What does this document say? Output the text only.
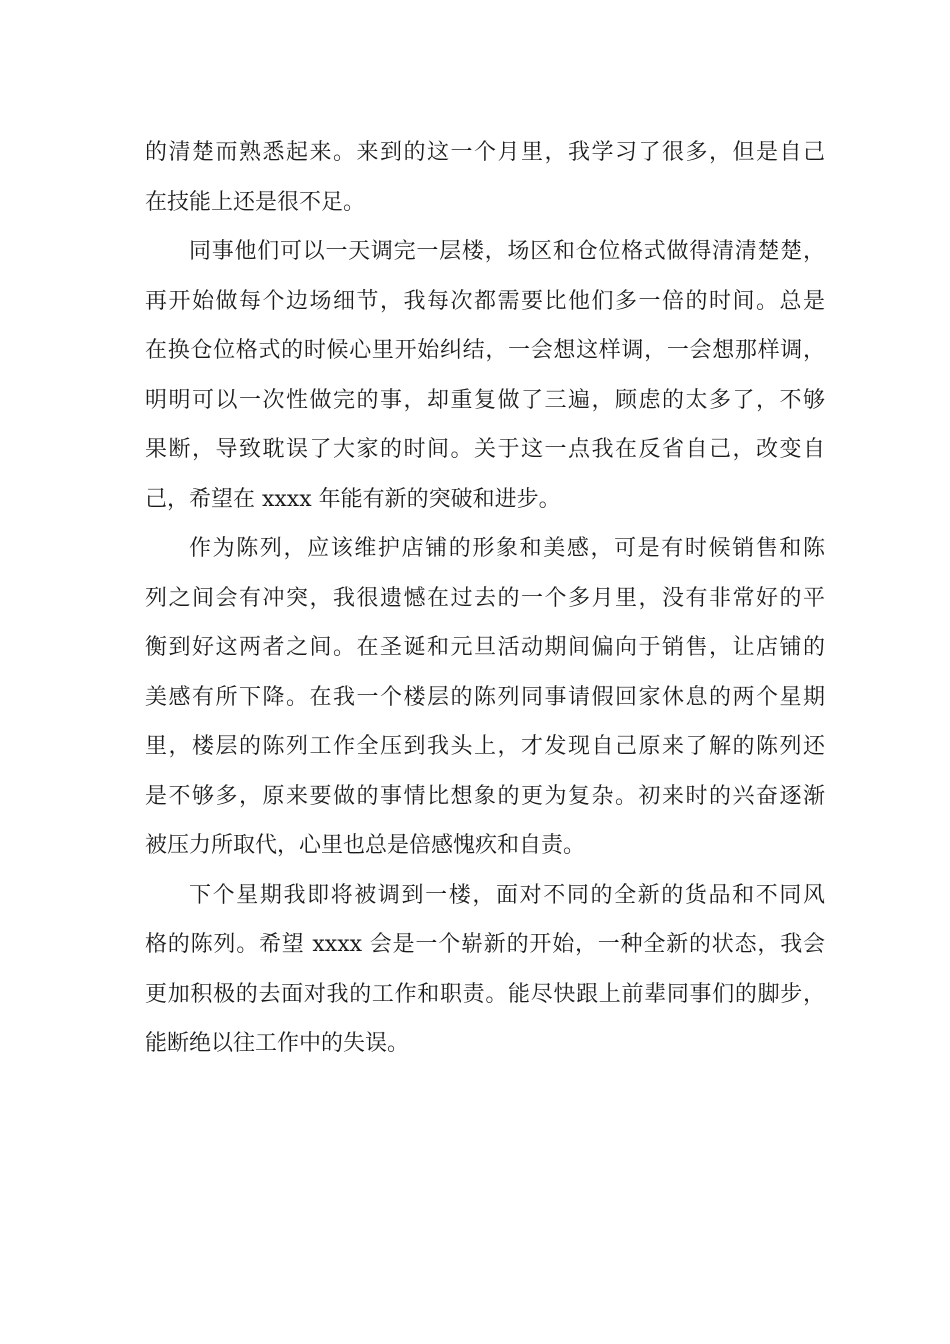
的清楚而熟悉起来。来到的这一个月里，我学习了很多，但是自己
在技能上还是很不足。
同事他们可以一天调完一层楼，场区和仓位格式做得清清楚楚，
再开始做每个边场细节，我每次都需要比他们多一倍的时间。总是
在换仓位格式的时候心里开始纠结，一会想这样调，一会想那样调，
明明可以一次性做完的事，却重复做了三遍，顾虑的太多了，不够
果断，导致耽误了大家的时间。关于这一点我在反省自己，改变自
己，希望在 xxxx 年能有新的突破和进步。
作为陈列，应该维护店铺的形象和美感，可是有时候销售和陈
列之间会有冲突，我很遗憾在过去的一个多月里，没有非常好的平
衡到好这两者之间。在圣诞和元旦活动期间偏向于销售，让店铺的
美感有所下降。在我一个楼层的陈列同事请假回家休息的两个星期
里，楼层的陈列工作全压到我头上，才发现自己原来了解的陈列还
是不够多，原来要做的事情比想象的更为复杂。初来时的兴奋逐渐
被压力所取代，心里也总是倍感愧疚和自责。
下个星期我即将被调到一楼，面对不同的全新的货品和不同风
格的陈列。希望 xxxx 会是一个崭新的开始，一种全新的状态，我会
更加积极的去面对我的工作和职责。能尽快跟上前辈同事们的脚步，
能断绝以往工作中的失误。
